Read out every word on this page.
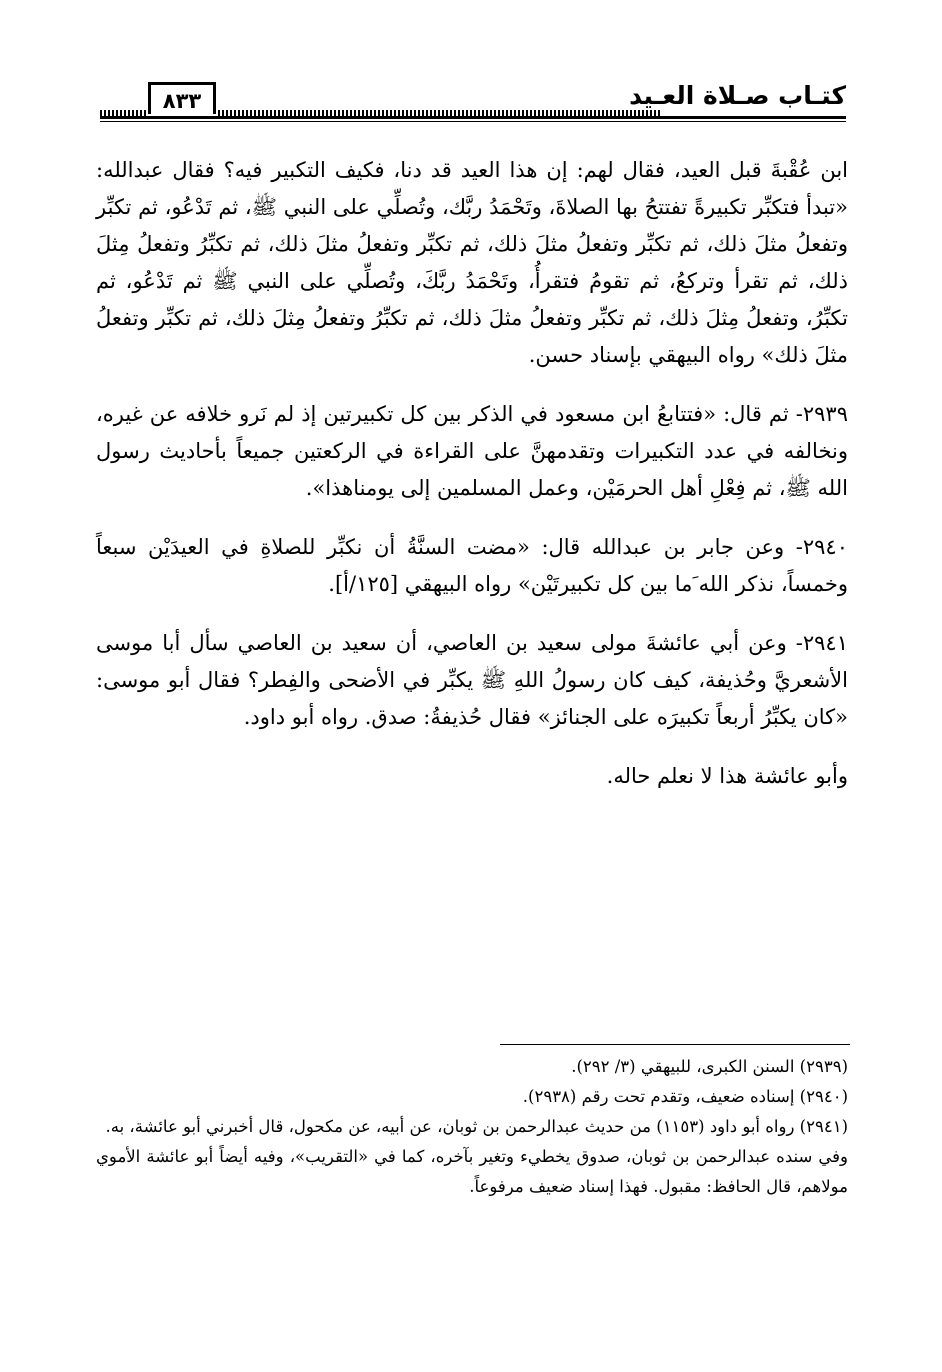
كتـاب صـلاة العـيد
٨٣٣

ابن عُقْبةَ قبل العيد، فقال لهم: إن هذا العيد قد دنا، فكيف التكبير فيه؟ فقال عبدالله: «تبدأ فتكبِّر تكبيرةً تفتتحُ بها الصلاةَ، وتَحْمَدُ ربَّك، وتُصلِّي على النبي ﷺ، ثم تَدْعُو، ثم تكبِّر وتفعلُ مثلَ ذلك، ثم تكبِّر وتفعلُ مثلَ ذلك، ثم تكبِّر وتفعلُ مثلَ ذلك، ثم تكبِّرُ وتفعلُ مِثلَ ذلك، ثم تقرأ وتركعُ، ثم تقومُ فتقرأُ، وتَحْمَدُ ربَّكَ، وتُصلِّي على النبي ﷺ ثم تَدْعُو، ثم تكبِّرُ، وتفعلُ مِثلَ ذلك، ثم تكبِّر وتفعلُ مثلَ ذلك، ثم تكبِّرُ وتفعلُ مِثلَ ذلك، ثم تكبِّر وتفعلُ مثلَ ذلك» رواه البيهقي بإسناد حسن.

٢٩٣٩- ثم قال: «فتتابعُ ابن مسعود في الذكر بين كل تكبيرتين إذ لم نَرو خلافه عن غيره، ونخالفه في عدد التكبيرات وتقدمهنَّ على القراءة في الركعتين جميعاً بأحاديث رسول الله ﷺ، ثم فِعْلِ أهل الحرمَيْن، وعمل المسلمين إلى يومناهذا».

٢٩٤٠- وعن جابر بن عبدالله قال: «مضت السنَّةُ أن نكبِّر للصلاةِ في العيدَيْن سبعاً وخمساً، نذكر الله َما بين كل تكبيرتَيْن» رواه البيهقي [١٢٥/أ].

٢٩٤١- وعن أبي عائشةَ مولى سعيد بن العاصي، أن سعيد بن العاصي سأل أبا موسى الأشعريَّ وحُذيفة، كيف كان رسولُ اللهِ ﷺ يكبِّر في الأضحى والفِطر؟ فقال أبو موسى: «كان يكبِّرُ أربعاً تكبيرَه على الجنائز» فقال حُذيفةُ: صدق. رواه أبو داود.

وأبو عائشة هذا لا نعلم حاله.

(٢٩٣٩) السنن الكبرى، للبيهقي (٣/ ٢٩٢).

(٢٩٤٠) إسناده ضعيف، وتقدم تحت رقم (٢٩٣٨).

(٢٩٤١) رواه أبو داود (١١٥٣) من حديث عبدالرحمن بن ثوبان، عن أبيه، عن مكحول، قال أخبرني أبو عائشة، به.

وفي سنده عبدالرحمن بن ثوبان، صدوق يخطيء وتغير بآخره، كما في «التقريب»، وفيه أيضاً أبو عائشة الأموي مولاهم، قال الحافظ: مقبول. فهذا إسناد ضعيف مرفوعاً.
